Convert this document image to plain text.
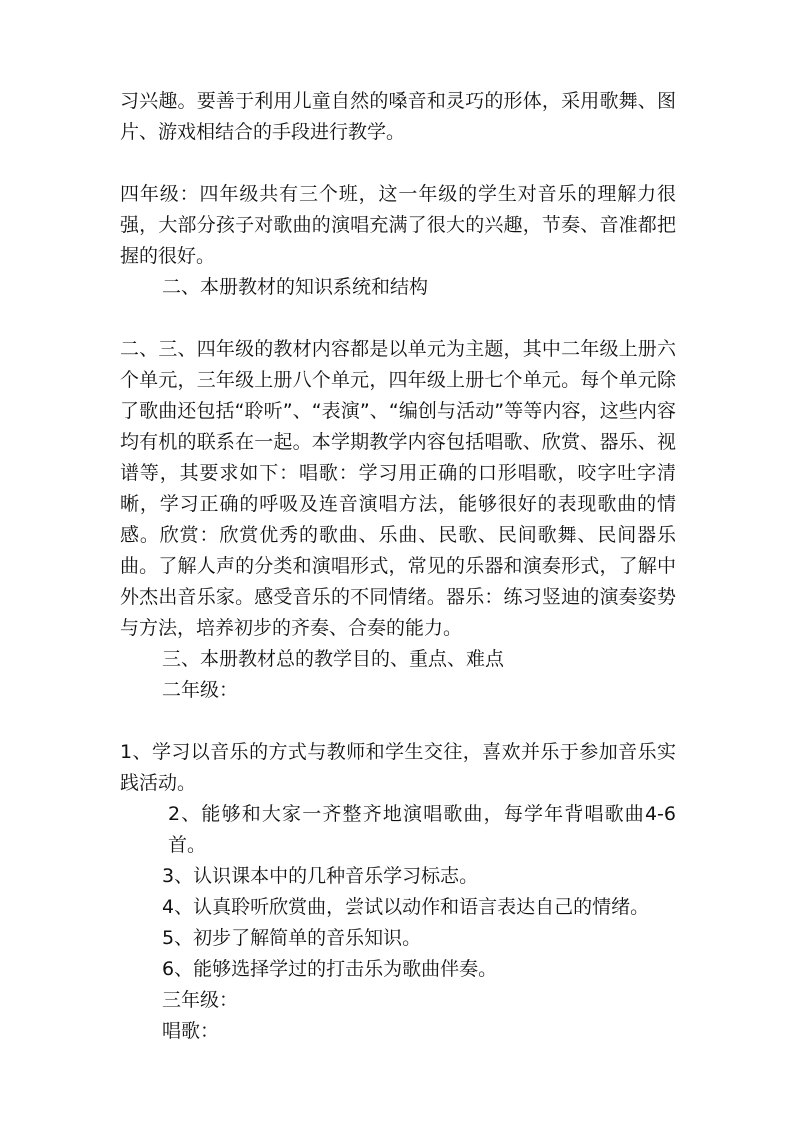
习兴趣。要善于利用儿童自然的嗓音和灵巧的形体，采用歌舞、图片、游戏相结合的手段进行教学。

四年级：四年级共有三个班，这一年级的学生对音乐的理解力很强，大部分孩子对歌曲的演唱充满了很大的兴趣，节奏、音准都把握的很好。

二、本册教材的知识系统和结构

二、三、四年级的教材内容都是以单元为主题，其中二年级上册六个单元，三年级上册八个单元，四年级上册七个单元。每个单元除了歌曲还包括“聆听”、“表演”、“编创与活动”等等内容，这些内容均有机的联系在一起。本学期教学内容包括唱歌、欣赏、器乐、视谱等，其要求如下：唱歌：学习用正确的口形唱歌，咬字吐字清晰，学习正确的呼吸及连音演唱方法，能够很好的表现歌曲的情感。欣赏：欣赏优秀的歌曲、乐曲、民歌、民间歌舞、民间器乐曲。了解人声的分类和演唱形式，常见的乐器和演奏形式，了解中外杰出音乐家。感受音乐的不同情绪。器乐：练习竖迪的演奏姿势与方法，培养初步的齐奏、合奏的能力。

三、本册教材总的教学目的、重点、难点

二年级：

1、学习以音乐的方式与教师和学生交往，喜欢并乐于参加音乐实践活动。

2、能够和大家一齐整齐地演唱歌曲，每学年背唱歌曲4-6首。

3、认识课本中的几种音乐学习标志。

4、认真聆听欣赏曲，尝试以动作和语言表达自己的情绪。

5、初步了解简单的音乐知识。

6、能够选择学过的打击乐为歌曲伴奏。

三年级：

唱歌：
